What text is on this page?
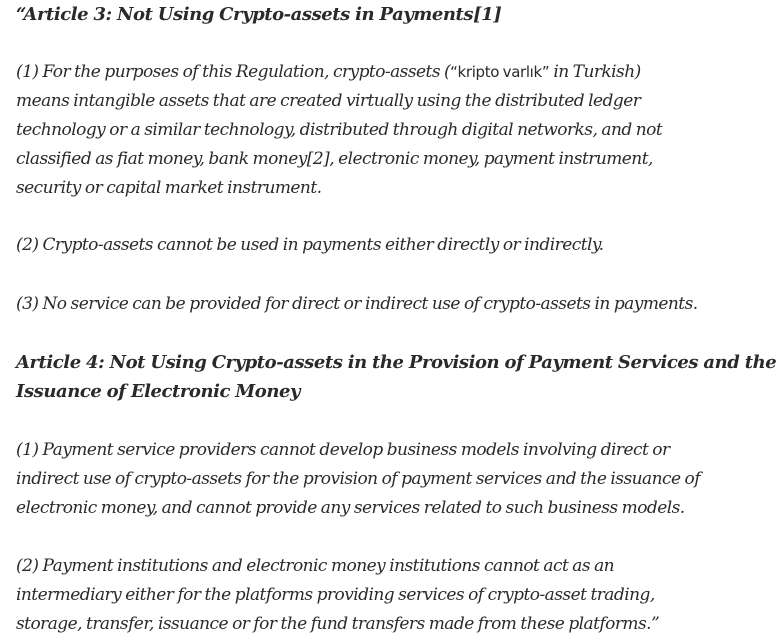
“Article 3: Not Using Crypto-assets in Payments[1]

(1) For the purposes of this Regulation, crypto-assets (“kripto varlık” in Turkish)
means intangible assets that are created virtually using the distributed ledger
technology or a similar technology, distributed through digital networks, and not
classified as fiat money, bank money[2], electronic money, payment instrument,
security or capital market instrument.

(2) Crypto-assets cannot be used in payments either directly or indirectly.

(3) No service can be provided for direct or indirect use of crypto-assets in payments.

Article 4: Not Using Crypto-assets in the Provision of Payment Services and the
Issuance of Electronic Money

(1) Payment service providers cannot develop business models involving direct or
indirect use of crypto-assets for the provision of payment services and the issuance of
electronic money, and cannot provide any services related to such business models.

(2) Payment institutions and electronic money institutions cannot act as an
intermediary either for the platforms providing services of crypto-asset trading,
storage, transfer, issuance or for the fund transfers made from these platforms.”
